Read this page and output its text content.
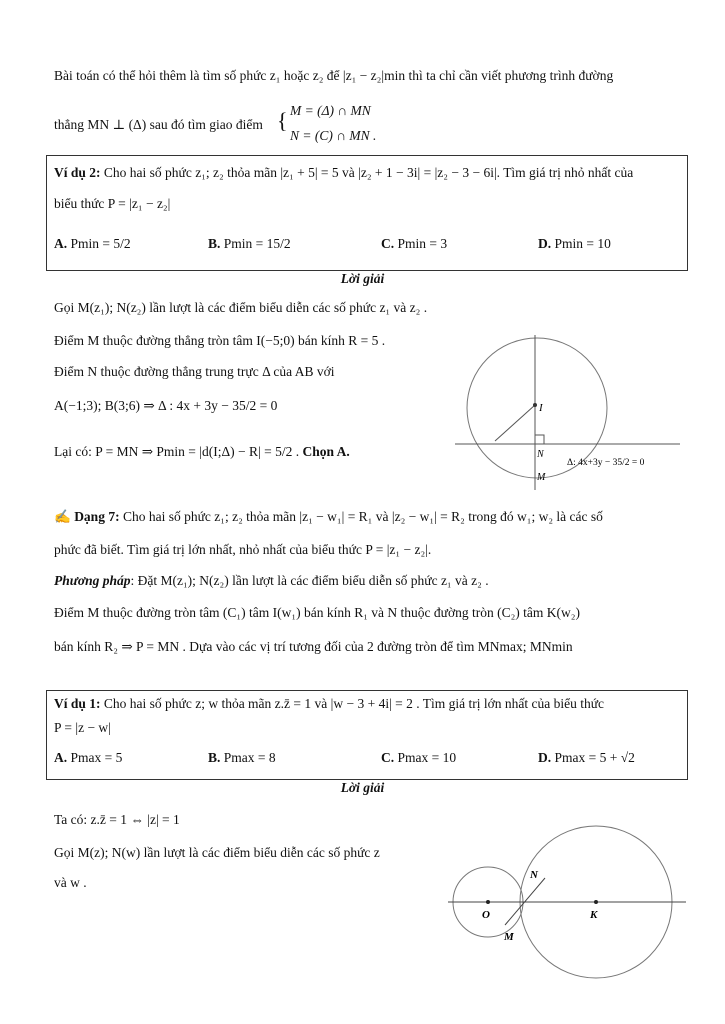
Bài toán có thể hỏi thêm là tìm số phức z₁ hoặc z₂ để |z₁ − z₂|min thì ta chỉ cần viết phương trình đường
thẳng MN ⊥ (Δ) sau đó tìm giao điểm { M = (Δ) ∩ MN
N = (C) ∩ MN .
Ví dụ 2: Cho hai số phức z₁; z₂ thỏa mãn |z₁ + 5| = 5 và |z₂ + 1 − 3i| = |z₂ − 3 − 6i|. Tìm giá trị nhỏ nhất của
biểu thức P = |z₁ − z₂|
A. Pmin = 5/2	B. Pmin = 15/2	C. Pmin = 3	D. Pmin = 10
Lời giải
Gọi M(z₁); N(z₂) lần lượt là các điểm biểu diễn các số phức z₁ và z₂ .
Điểm M thuộc đường thẳng tròn tâm I(−5;0) bán kính R = 5 .
Điểm N thuộc đường thẳng trung trực Δ của AB với
A(−1;3); B(3;6) ⇒ Δ : 4x + 3y − 35/2 = 0
Lại có: P = MN ⇒ Pmin = |d(I;Δ) − R| = 5/2 . Chọn A.
I
N
M
Δ: 4x+3y − 35/2 = 0
✍ Dạng 7: Cho hai số phức z₁; z₂ thỏa mãn |z₁ − w₁| = R₁ và |z₂ − w₁| = R₂ trong đó w₁; w₂ là các số
phức đã biết. Tìm giá trị lớn nhất, nhỏ nhất của biểu thức P = |z₁ − z₂|.
Phương pháp: Đặt M(z₁); N(z₂) lần lượt là các điểm biểu diễn số phức z₁ và z₂ .
Điểm M thuộc đường tròn tâm (C₁) tâm I(w₁) bán kính R₁ và N thuộc đường tròn (C₂) tâm K(w₂)
bán kính R₂ ⇒ P = MN . Dựa vào các vị trí tương đối của 2 đường tròn để tìm MNmax; MNmin
Ví dụ 1: Cho hai số phức z; w thỏa mãn z.z̄ = 1 và |w − 3 + 4i| = 2 . Tìm giá trị lớn nhất của biểu thức
P = |z − w|
A. Pmax = 5	B. Pmax = 8	C. Pmax = 10	D. Pmax = 5 + √2
Lời giải
Ta có: z.z̄ = 1 ⇔ |z| = 1
Gọi M(z); N(w) lần lượt là các điểm biểu diễn các số phức z
và w .
O	K
N
M
